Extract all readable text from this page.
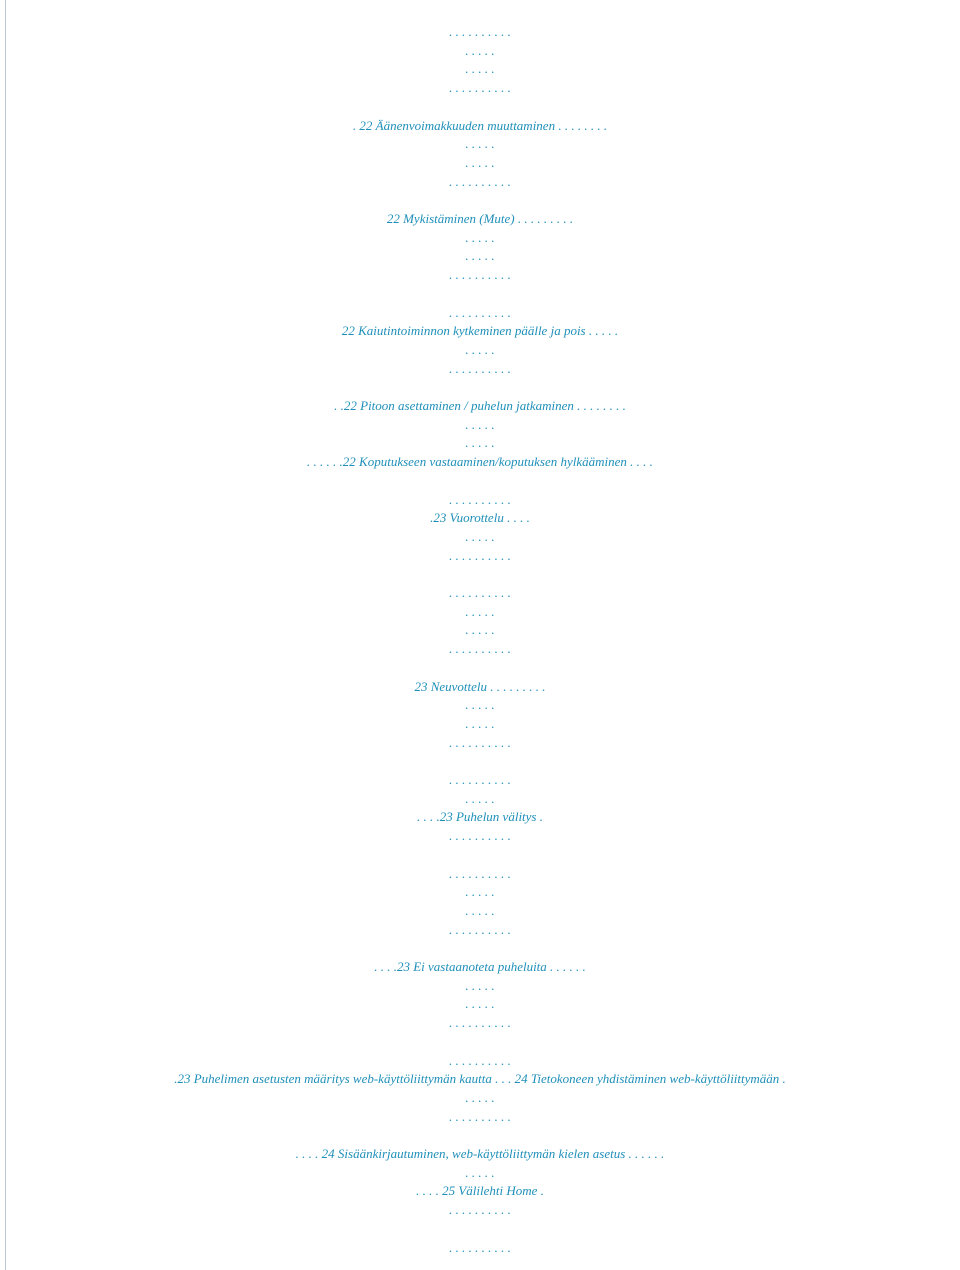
. . . . . . . . . .
. . . . .
. . . . .
. . . . . . . . . .
. 22 Äänenvoimakkuuden muuttaminen . . . . . . . .
. . . . .
. . . . .
. . . . . . . . . .
22 Mykistäminen (Mute) . . . . . . . . .
. . . . .
. . . . .
. . . . . . . . . .
. . . . . . . . . .
22 Kaiutintoiminnon kytkeminen päälle ja pois . . . . .
. . . . .
. . . . . . . . . .
. .22 Pitoon asettaminen / puhelun jatkaminen . . . . . . . .
. . . . .
. . . . .
. . . . . .22 Koputukseen vastaaminen/koputuksen hylkääminen . . . .
. . . . . . . . . .
.23 Vuorottelu . . . .
. . . . .
. . . . . . . . . .
. . . . . . . . . .
. . . . .
. . . . .
. . . . . . . . . .
23 Neuvottelu . . . . . . . . .
. . . . .
. . . . .
. . . . . . . . . .
. . . . . . . . . .
. . . . .
. . . .23 Puhelun välitys .
. . . . . . . . . .
. . . . . . . . . .
. . . . .
. . . . .
. . . . . . . . . .
. . . .23 Ei vastaanoteta puheluita . . . . . .
. . . . .
. . . . .
. . . . . . . . . .
. . . . . . . . . .
.23 Puhelimen asetusten määritys web-käyttöliittymän kautta . . . 24 Tietokoneen yhdistäminen web-käyttöliittymään .
. . . . .
. . . . . . . . . .
. . . . 24 Sisäänkirjautuminen, web-käyttöliittymän kielen asetus . . . . . .
. . . . .
. . . . 25 Välilehti Home .
. . . . . . . . . .
. . . . . . . . . .
